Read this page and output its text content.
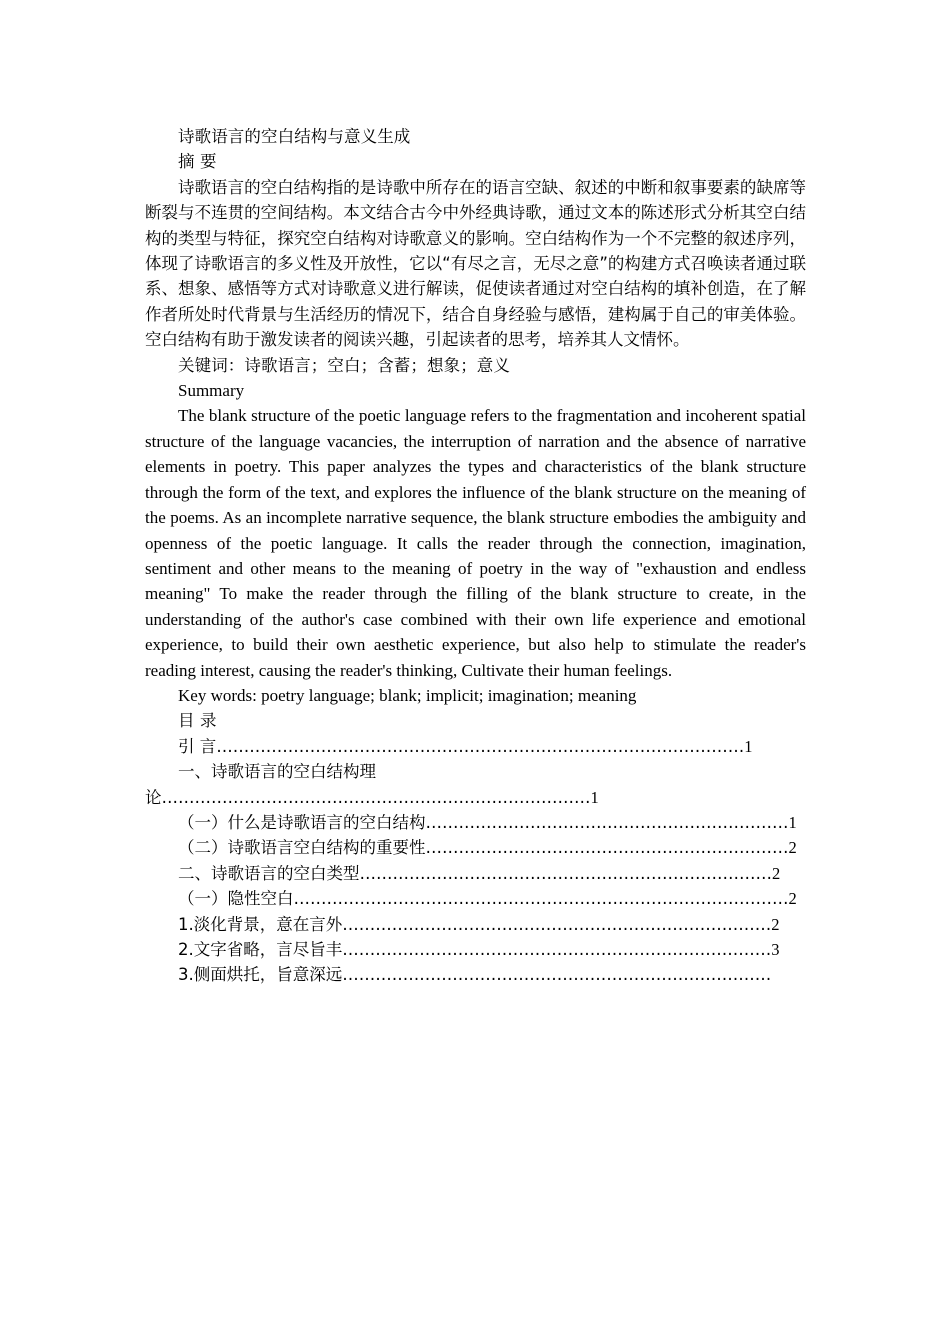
诗歌语言的空白结构与意义生成
摘 要

诗歌语言的空白结构指的是诗歌中所存在的语言空缺、叙述的中断和叙事要素的缺席等断裂与不连贯的空间结构。本文结合古今中外经典诗歌，通过文本的陈述形式分析其空白结构的类型与特征，探究空白结构对诗歌意义的影响。空白结构作为一个不完整的叙述序列，体现了诗歌语言的多义性及开放性，它以“有尽之言，无尽之意”的构建方式召唤读者通过联系、想象、感悟等方式对诗歌意义进行解读，促使读者通过对空白结构的填补创造，在了解作者所处时代背景与生活经历的情况下，结合自身经验与感悟，建构属于自己的审美体验。空白结构有助于激发读者的阅读兴趣，引起读者的思考，培养其人文情怀。

关键词：诗歌语言；空白；含蓄；想象；意义

Summary

The blank structure of the poetic language refers to the fragmentation and incoherent spatial structure of the language vacancies, the interruption of narration and the absence of narrative elements in poetry. This paper analyzes the types and characteristics of the blank structure through the form of the text, and explores the influence of the blank structure on the meaning of the poems. As an incomplete narrative sequence, the blank structure embodies the ambiguity and openness of the poetic language. It calls the reader through the connection, imagination, sentiment and other means to the meaning of poetry in the way of "exhaustion and endless meaning" To make the reader through the filling of the blank structure to create, in the understanding of the author's case combined with their own life experience and emotional experience, to build their own aesthetic experience, but also help to stimulate the reader's reading interest, causing the reader's thinking, Cultivate their human feelings.

Key words: poetry language; blank; implicit; imagination; meaning

目 录
引 言……………………………………………………………………………………1
一、诗歌语言的空白结构理论……………………………………………………………………1
（一）什么是诗歌语言的空白结构…………………………………………………………1
（二）诗歌语言空白结构的重要性…………………………………………………………2
二、诗歌语言的空白类型…………………………………………………………………2
（一）隐性空白………………………………………………………………………………2
1.淡化背景，意在言外……………………………………………………………………2
2.文字省略，言尽旨丰……………………………………………………………………3
3.侧面烘托，旨意深远……………………………………………………………………
